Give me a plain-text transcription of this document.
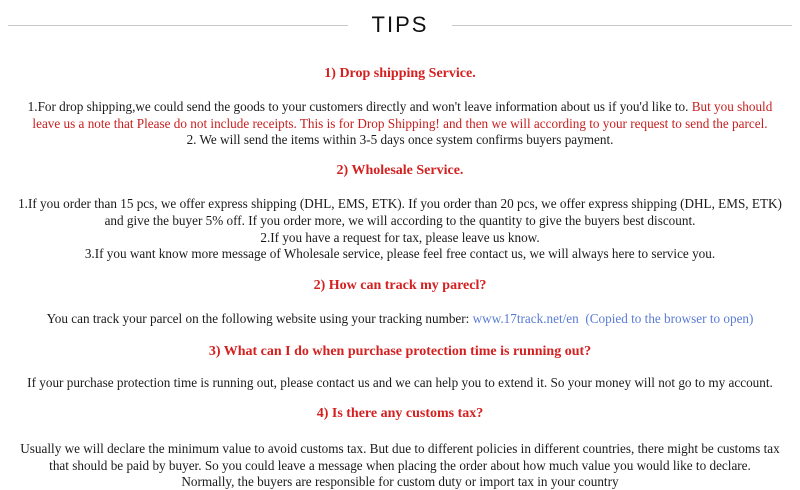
TIPS
1) Drop shipping Service.
1.For drop shipping,we could send the goods to your customers directly and won't leave information about us if you'd like to. But you should leave us a note that Please do not include receipts. This is for Drop Shipping! and then we will according to your request to send the parcel.
2. We will send the items within 3-5 days once system confirms buyers payment.
2) Wholesale Service.
1.If you order than 15 pcs, we offer express shipping (DHL, EMS, ETK). If you order than 20 pcs, we offer express shipping (DHL, EMS, ETK) and give the buyer 5% off. If you order more, we will according to the quantity to give the buyers best discount.
2.If you have a request for tax, please leave us know.
3.If you want know more message of Wholesale service, please feel free contact us, we will always here to service you.
2) How can track my parecl?
You can track your parcel on the following website using your tracking number: www.17track.net/en (Copied to the browser to open)
3) What can I do when purchase protection time is running out?
If your purchase protection time is running out, please contact us and we can help you to extend it. So your money will not go to my account.
4) Is there any customs tax?
Usually we will declare the minimum value to avoid customs tax. But due to different policies in different countries, there might be customs tax that should be paid by buyer. So you could leave a message when placing the order about how much value you would like to declare.
Normally, the buyers are responsible for custom duty or import tax in your country
